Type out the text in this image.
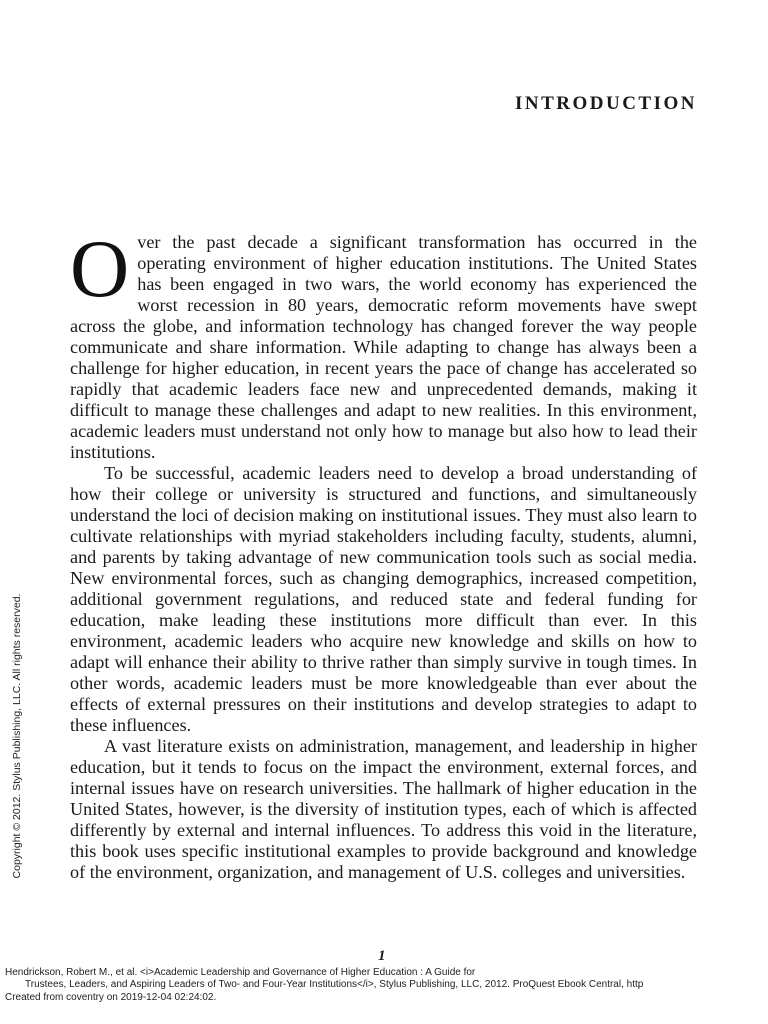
INTRODUCTION

Over the past decade a significant transformation has occurred in the operating environment of higher education institutions. The United States has been engaged in two wars, the world economy has experienced the worst recession in 80 years, democratic reform movements have swept across the globe, and information technology has changed forever the way people communicate and share information. While adapting to change has always been a challenge for higher education, in recent years the pace of change has accelerated so rapidly that academic leaders face new and unprecedented demands, making it difficult to manage these challenges and adapt to new realities. In this environment, academic leaders must understand not only how to manage but also how to lead their institutions.

To be successful, academic leaders need to develop a broad understanding of how their college or university is structured and functions, and simultaneously understand the loci of decision making on institutional issues. They must also learn to cultivate relationships with myriad stakeholders including faculty, students, alumni, and parents by taking advantage of new communication tools such as social media. New environmental forces, such as changing demographics, increased competition, additional government regulations, and reduced state and federal funding for education, make leading these institutions more difficult than ever. In this environment, academic leaders who acquire new knowledge and skills on how to adapt will enhance their ability to thrive rather than simply survive in tough times. In other words, academic leaders must be more knowledgeable than ever about the effects of external pressures on their institutions and develop strategies to adapt to these influences.

A vast literature exists on administration, management, and leadership in higher education, but it tends to focus on the impact the environment, external forces, and internal issues have on research universities. The hallmark of higher education in the United States, however, is the diversity of institution types, each of which is affected differently by external and internal influences. To address this void in the literature, this book uses specific institutional examples to provide background and knowledge of the environment, organization, and management of U.S. colleges and universities.

Copyright © 2012. Stylus Publishing, LLC. All rights reserved.
1
Hendrickson, Robert M., et al. <i>Academic Leadership and Governance of Higher Education : A Guide for
Trustees, Leaders, and Aspiring Leaders of Two- and Four-Year Institutions</i>, Stylus Publishing, LLC, 2012. ProQuest Ebook Central, http
Created from coventry on 2019-12-04 02:24:02.
